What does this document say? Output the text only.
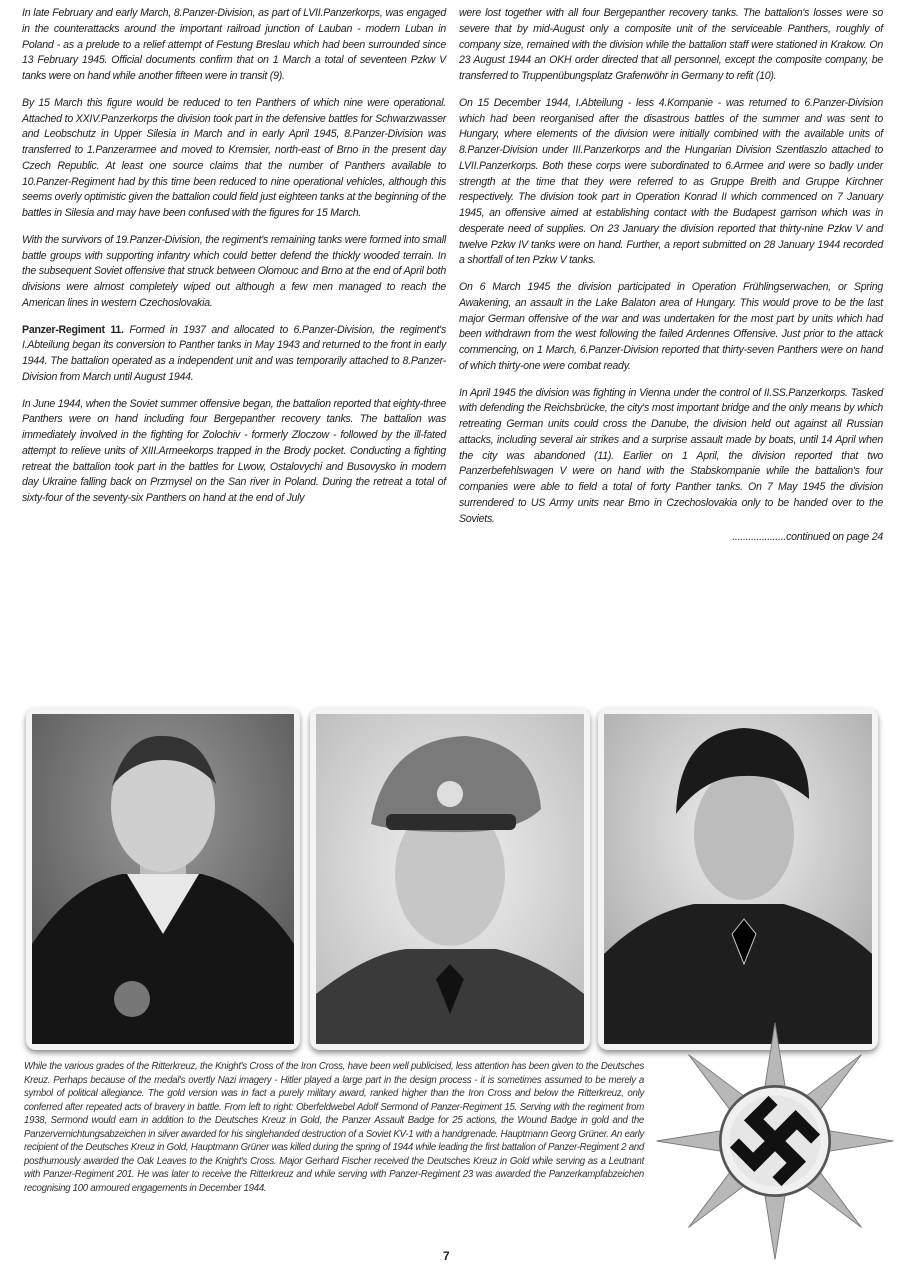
In late February and early March, 8.Panzer-Division, as part of LVII.Panzerkorps, was engaged in the counterattacks around the important railroad junction of Lauban - modern Luban in Poland - as a prelude to a relief attempt of Festung Breslau which had been surrounded since 13 February 1945. Official documents confirm that on 1 March a total of seventeen Pzkw V tanks were on hand while another fifteen were in transit (9).

By 15 March this figure would be reduced to ten Panthers of which nine were operational. Attached to XXIV.Panzerkorps the division took part in the defensive battles for Schwarzwasser and Leobschutz in Upper Silesia in March and in early April 1945, 8.Panzer-Division was transferred to 1.Panzerarmee and moved to Kremsier, north-east of Brno in the present day Czech Republic. At least one source claims that the number of Panthers available to 10.Panzer-Regiment had by this time been reduced to nine operational vehicles, although this seems overly optimistic given the battalion could field just eighteen tanks at the beginning of the battles in Silesia and may have been confused with the figures for 15 March.

With the survivors of 19.Panzer-Division, the regiment's remaining tanks were formed into small battle groups with supporting infantry which could better defend the thickly wooded terrain. In the subsequent Soviet offensive that struck between Olomouc and Brno at the end of April both divisions were almost completely wiped out although a few men managed to reach the American lines in western Czechoslovakia.

Panzer-Regiment 11. Formed in 1937 and allocated to 6.Panzer-Division, the regiment's I.Abteilung began its conversion to Panther tanks in May 1943 and returned to the front in early 1944. The battalion operated as a independent unit and was temporarily attached to 8.Panzer-Division from March until August 1944.

In June 1944, when the Soviet summer offensive began, the battalion reported that eighty-three Panthers were on hand including four Bergepanther recovery tanks. The battalion was immediately involved in the fighting for Zolochiv - formerly Zloczow - followed by the ill-fated attempt to relieve units of XIII.Armeekorps trapped in the Brody pocket. Conducting a fighting retreat the battalion took part in the battles for Lwow, Ostalovychi and Busovysko in modern day Ukraine falling back on Przmysel on the San river in Poland. During the retreat a total of sixty-four of the seventy-six Panthers on hand at the end of July

were lost together with all four Bergepanther recovery tanks. The battalion's losses were so severe that by mid-August only a composite unit of the serviceable Panthers, roughly of company size, remained with the division while the battalion staff were stationed in Krakow. On 23 August 1944 an OKH order directed that all personnel, except the composite company, be transferred to Truppenübungsplatz Grafenwöhr in Germany to refit (10).

On 15 December 1944, I.Abteilung - less 4.Kompanie - was returned to 6.Panzer-Division which had been reorganised after the disastrous battles of the summer and was sent to Hungary, where elements of the division were initially combined with the available units of 8.Panzer-Division under III.Panzerkorps and the Hungarian Division Szentlaszlo attached to LVII.Panzerkorps. Both these corps were subordinated to 6.Armee and were so badly under strength at the time that they were referred to as Gruppe Breith and Gruppe Kirchner respectively. The division took part in Operation Konrad II which commenced on 7 January 1945, an offensive aimed at establishing contact with the Budapest garrison which was in desperate need of supplies. On 23 January the division reported that thirty-nine Pzkw V and twelve Pzkw IV tanks were on hand. Further, a report submitted on 28 January 1944 recorded a shortfall of ten Pzkw V tanks.

On 6 March 1945 the division participated in Operation Frühlingserwachen, or Spring Awakening, an assault in the Lake Balaton area of Hungary. This would prove to be the last major German offensive of the war and was undertaken for the most part by units which had been withdrawn from the west following the failed Ardennes Offensive. Just prior to the attack commencing, on 1 March, 6.Panzer-Division reported that thirty-seven Panthers were on hand of which thirty-one were combat ready.

In April 1945 the division was fighting in Vienna under the control of II.SS.Panzerkorps. Tasked with defending the Reichsbrücke, the city's most important bridge and the only means by which retreating German units could cross the Danube, the division held out against all Russian attacks, including several air strikes and a surprise assault made by boats, until 14 April when the city was abandoned (11). Earlier on 1 April, the division reported that two Panzerbefehlswagen V were on hand with the Stabskompanie while the battalion's four companies were able to field a total of forty Panther tanks. On 7 May 1945 the division surrendered to US Army units near Brno in Czechoslovakia only to be handed over to the Soviets.

....................continued on page 24

While the various grades of the Ritterkreuz, the Knight's Cross of the Iron Cross, have been well publicised, less attention has been given to the Deutsches Kreuz. Perhaps because of the medal's overtly Nazi imagery - Hitler played a large part in the design process - it is sometimes assumed to be merely a symbol of political allegiance. The gold version was in fact a purely military award, ranked higher than the Iron Cross and below the Ritterkreuz, only conferred after repeated acts of bravery in battle. From left to right: Oberfeldwebel Adolf Sermond of Panzer-Regiment 15. Serving with the regiment from 1938, Sermond would earn in addition to the Deutsches Kreuz in Gold, the Panzer Assault Badge for 25 actions, the Wound Badge in gold and the Panzervernichtungsabzeichen in silver awarded for his singlehanded destruction of a Soviet KV-1 with a handgrenade. Hauptmann Georg Grüner. An early recipient of the Deutsches Kreuz in Gold, Hauptmann Grüner was killed during the spring of 1944 while leading the first battalion of Panzer-Regiment 2 and posthumously awarded the Oak Leaves to the Knight's Cross. Major Gerhard Fischer received the Deutsches Kreuz in Gold while serving as a Leutnant with Panzer-Regiment 201. He was later to receive the Ritterkreuz and while serving with Panzer-Regiment 23 was awarded the Panzerkampfabzeichen recognising 100 armoured engagements in December 1944.
7
